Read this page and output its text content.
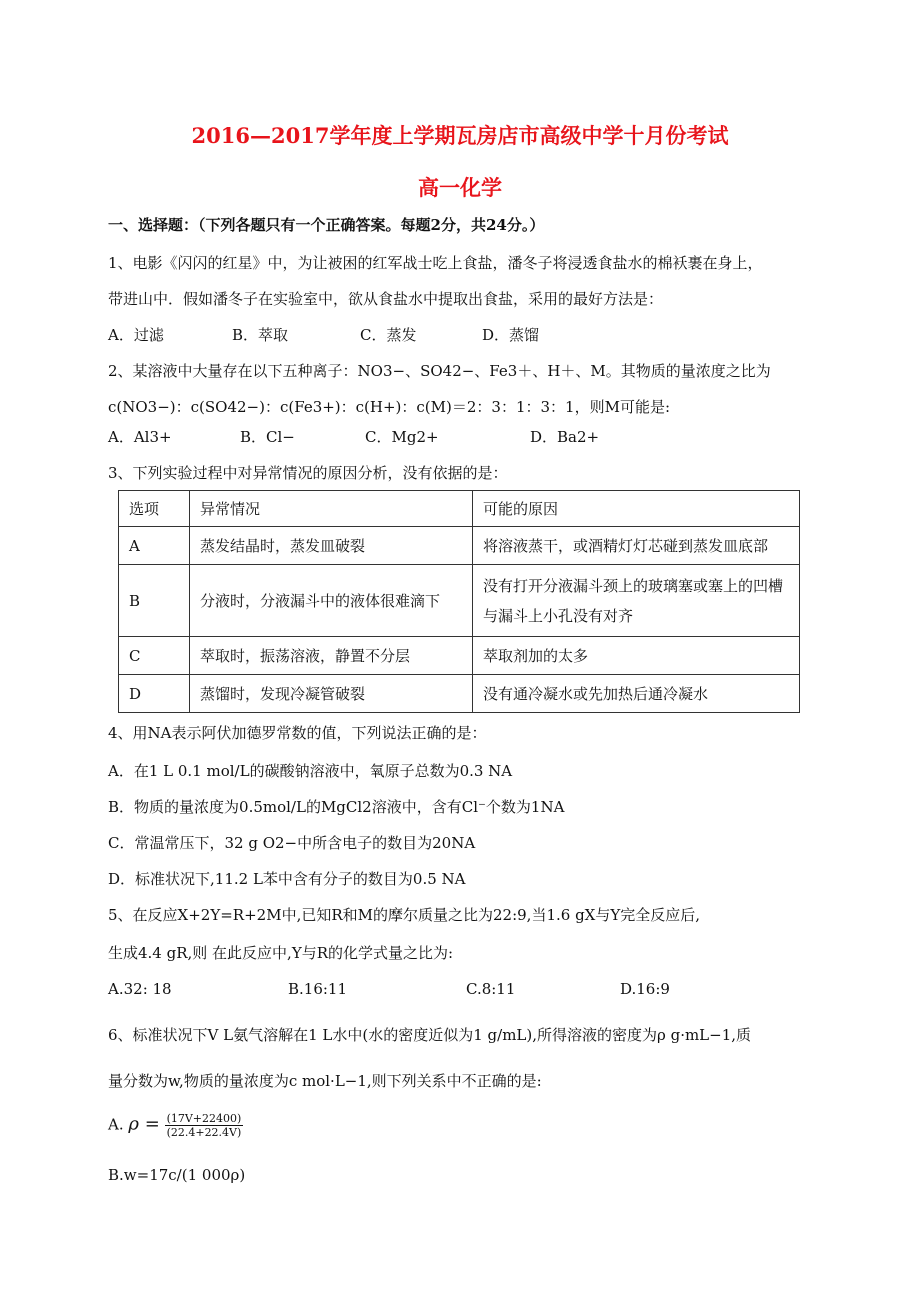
2016—2017学年度上学期瓦房店市高级中学十月份考试
高一化学
一、选择题：（下列各题只有一个正确答案。每题2分，共24分。）
1、电影《闪闪的红星》中，为让被困的红军战士吃上食盐，潘冬子将浸透食盐水的棉袄裹在身上，
带进山中．假如潘冬子在实验室中，欲从食盐水中提取出食盐，采用的最好方法是：
A．过滤	B．萃取	C．蒸发	D．蒸馏
2、某溶液中大量存在以下五种离子：NO3−、SO42−、Fe3＋、H＋、M。其物质的量浓度之比为
c(NO3−)：c(SO42−)：c(Fe3+)：c(H+)：c(M)＝2：3：1：3：1，则M可能是:
A．Al3+	B．Cl−	C．Mg2+	D．Ba2+
3、下列实验过程中对异常情况的原因分析，没有依据的是：
选项	异常情况	可能的原因
A	蒸发结晶时，蒸发皿破裂	将溶液蒸干，或酒精灯灯芯碰到蒸发皿底部
B	分液时，分液漏斗中的液体很难滴下	没有打开分液漏斗颈上的玻璃塞或塞上的凹槽与漏斗上小孔没有对齐
C	萃取时，振荡溶液，静置不分层	萃取剂加的太多
D	蒸馏时，发现冷凝管破裂	没有通冷凝水或先加热后通冷凝水
4、用NA表示阿伏加德罗常数的值，下列说法正确的是：
A．在1 L 0.1 mol/L的碳酸钠溶液中，氧原子总数为0.3 NA
B．物质的量浓度为0.5mol/L的MgCl2溶液中，含有Cl⁻个数为1NA
C．常温常压下，32 g O2−中所含电子的数目为20NA
D．标准状况下,11.2 L苯中含有分子的数目为0.5 NA
5、在反应X+2Y=R+2M中,已知R和M的摩尔质量之比为22:9,当1.6 gX与Y完全反应后,
生成4.4 gR,则 在此反应中,Y与R的化学式量之比为:
A.32: 18	B.16:11	C.8:11	D.16:9
6、标准状况下V L氨气溶解在1 L水中(水的密度近似为1 g/mL),所得溶液的密度为ρ g·mL−1,质
量分数为w,物质的量浓度为c mol·L−1,则下列关系中不正确的是:
A. $\rho = \frac{(17V+22400)}{(22.4+22.4V)}$
B.w=17c/(1 000ρ)
